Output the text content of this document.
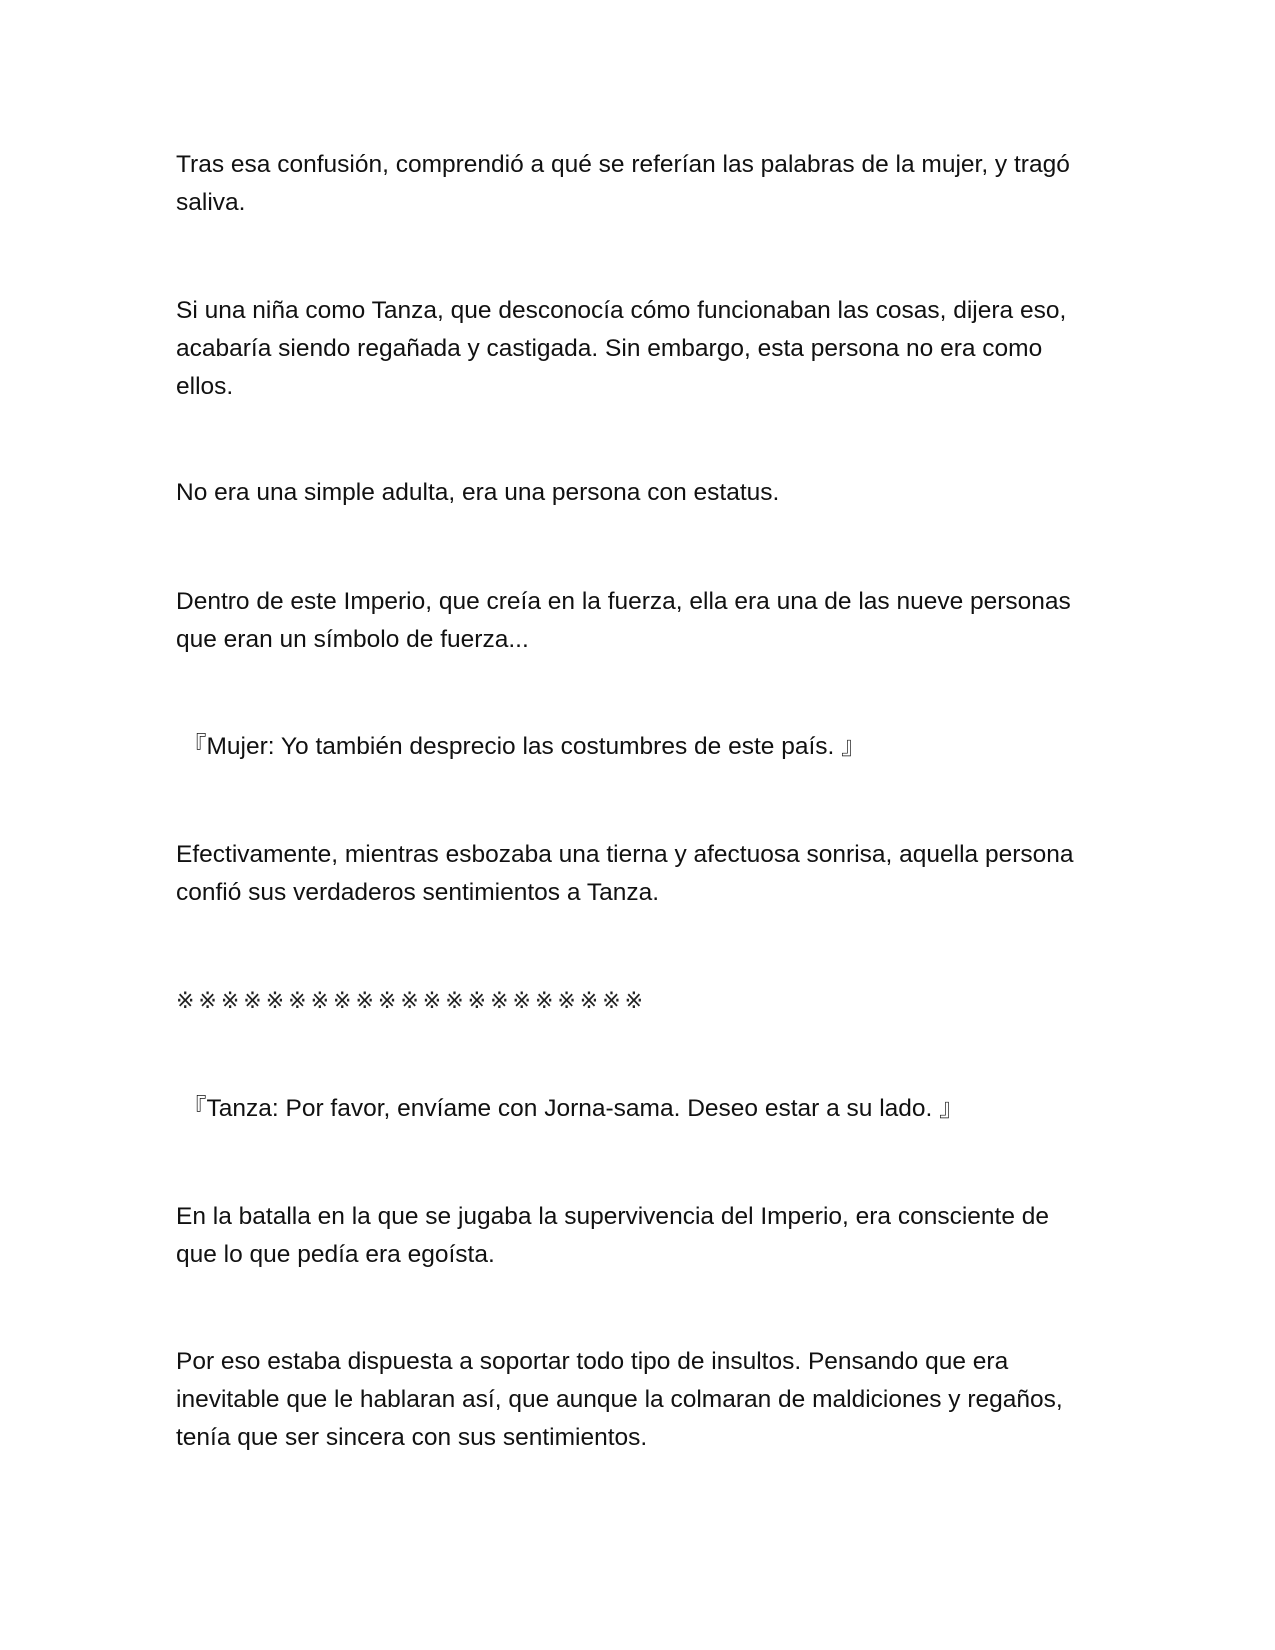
Tras esa confusión, comprendió a qué se referían las palabras de la mujer, y tragó saliva.

Si una niña como Tanza, que desconocía cómo funcionaban las cosas, dijera eso, acabaría siendo regañada y castigada. Sin embargo, esta persona no era como ellos.

No era una simple adulta, era una persona con estatus.

Dentro de este Imperio, que creía en la fuerza, ella era una de las nueve personas que eran un símbolo de fuerza...

『Mujer: Yo también desprecio las costumbres de este país. 』

Efectivamente, mientras esbozaba una tierna y afectuosa sonrisa, aquella persona confió sus verdaderos sentimientos a Tanza.

※※※※※※※※※※※※※※※※※※※※※

『Tanza: Por favor, envíame con Jorna-sama. Deseo estar a su lado. 』

En la batalla en la que se jugaba la supervivencia del Imperio, era consciente de que lo que pedía era egoísta.

Por eso estaba dispuesta a soportar todo tipo de insultos. Pensando que era inevitable que le hablaran así, que aunque la colmaran de maldiciones y regaños, tenía que ser sincera con sus sentimientos.
